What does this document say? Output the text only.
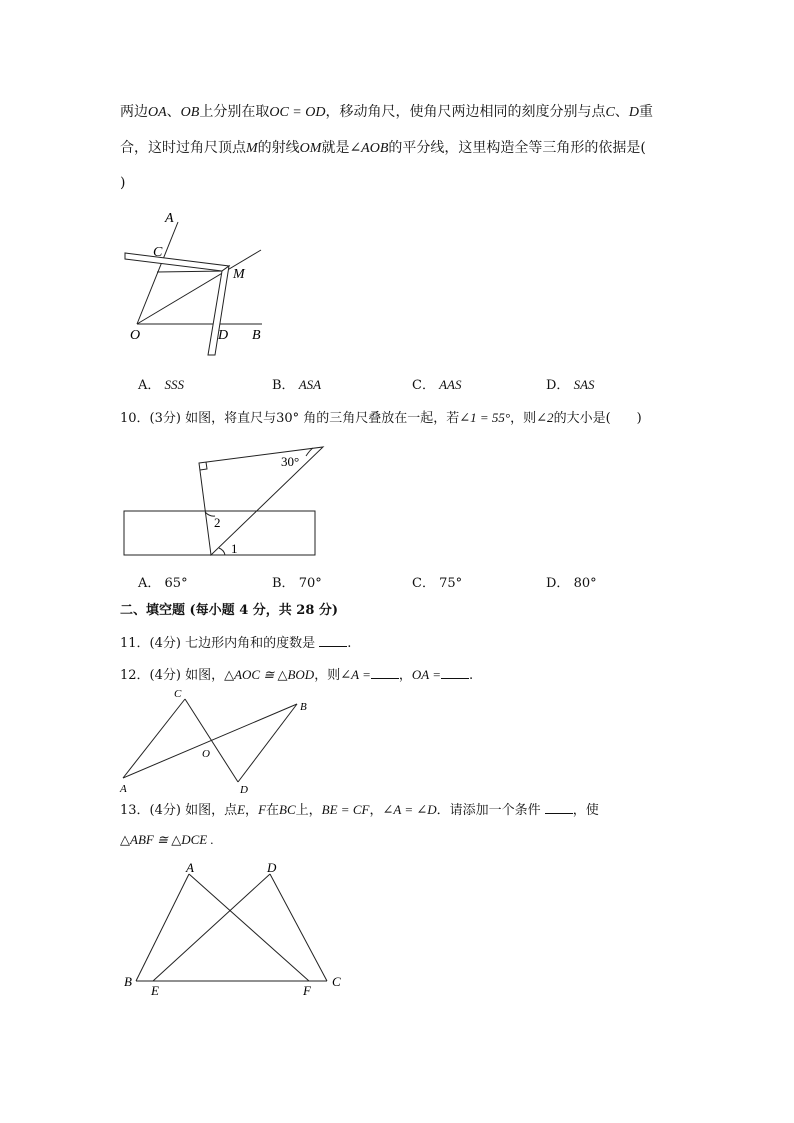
两边OA、OB上分别在取OC = OD，移动角尺，使角尺两边相同的刻度分别与点C、D重
合，这时过角尺顶点M的射线OM就是∠AOB的平分线，这里构造全等三角形的依据是(
)
A
C
M
O	D B
A． SSS	B． ASA	C． AAS	D． SAS
10．(3分) 如图，将直尺与30° 角的三角尺叠放在一起，若∠1 = 55°，则∠2的大小是(　　)
30°
2
1
A． 65°	B． 70°	C． 75°	D． 80°
二、填空题 (每小题 4 分，共 28 分)
11．(4分) 七边形内角和的度数是 .
12．(4分) 如图，△AOC ≅ △BOD，则∠A = ，OA = .
C
B
O
A	D
13．(4分) 如图，点E，F在BC上，BE = CF，∠A = ∠D．请添加一个条件 ，使
△ABF ≅ △DCE .
A	D
B
E	F
C
